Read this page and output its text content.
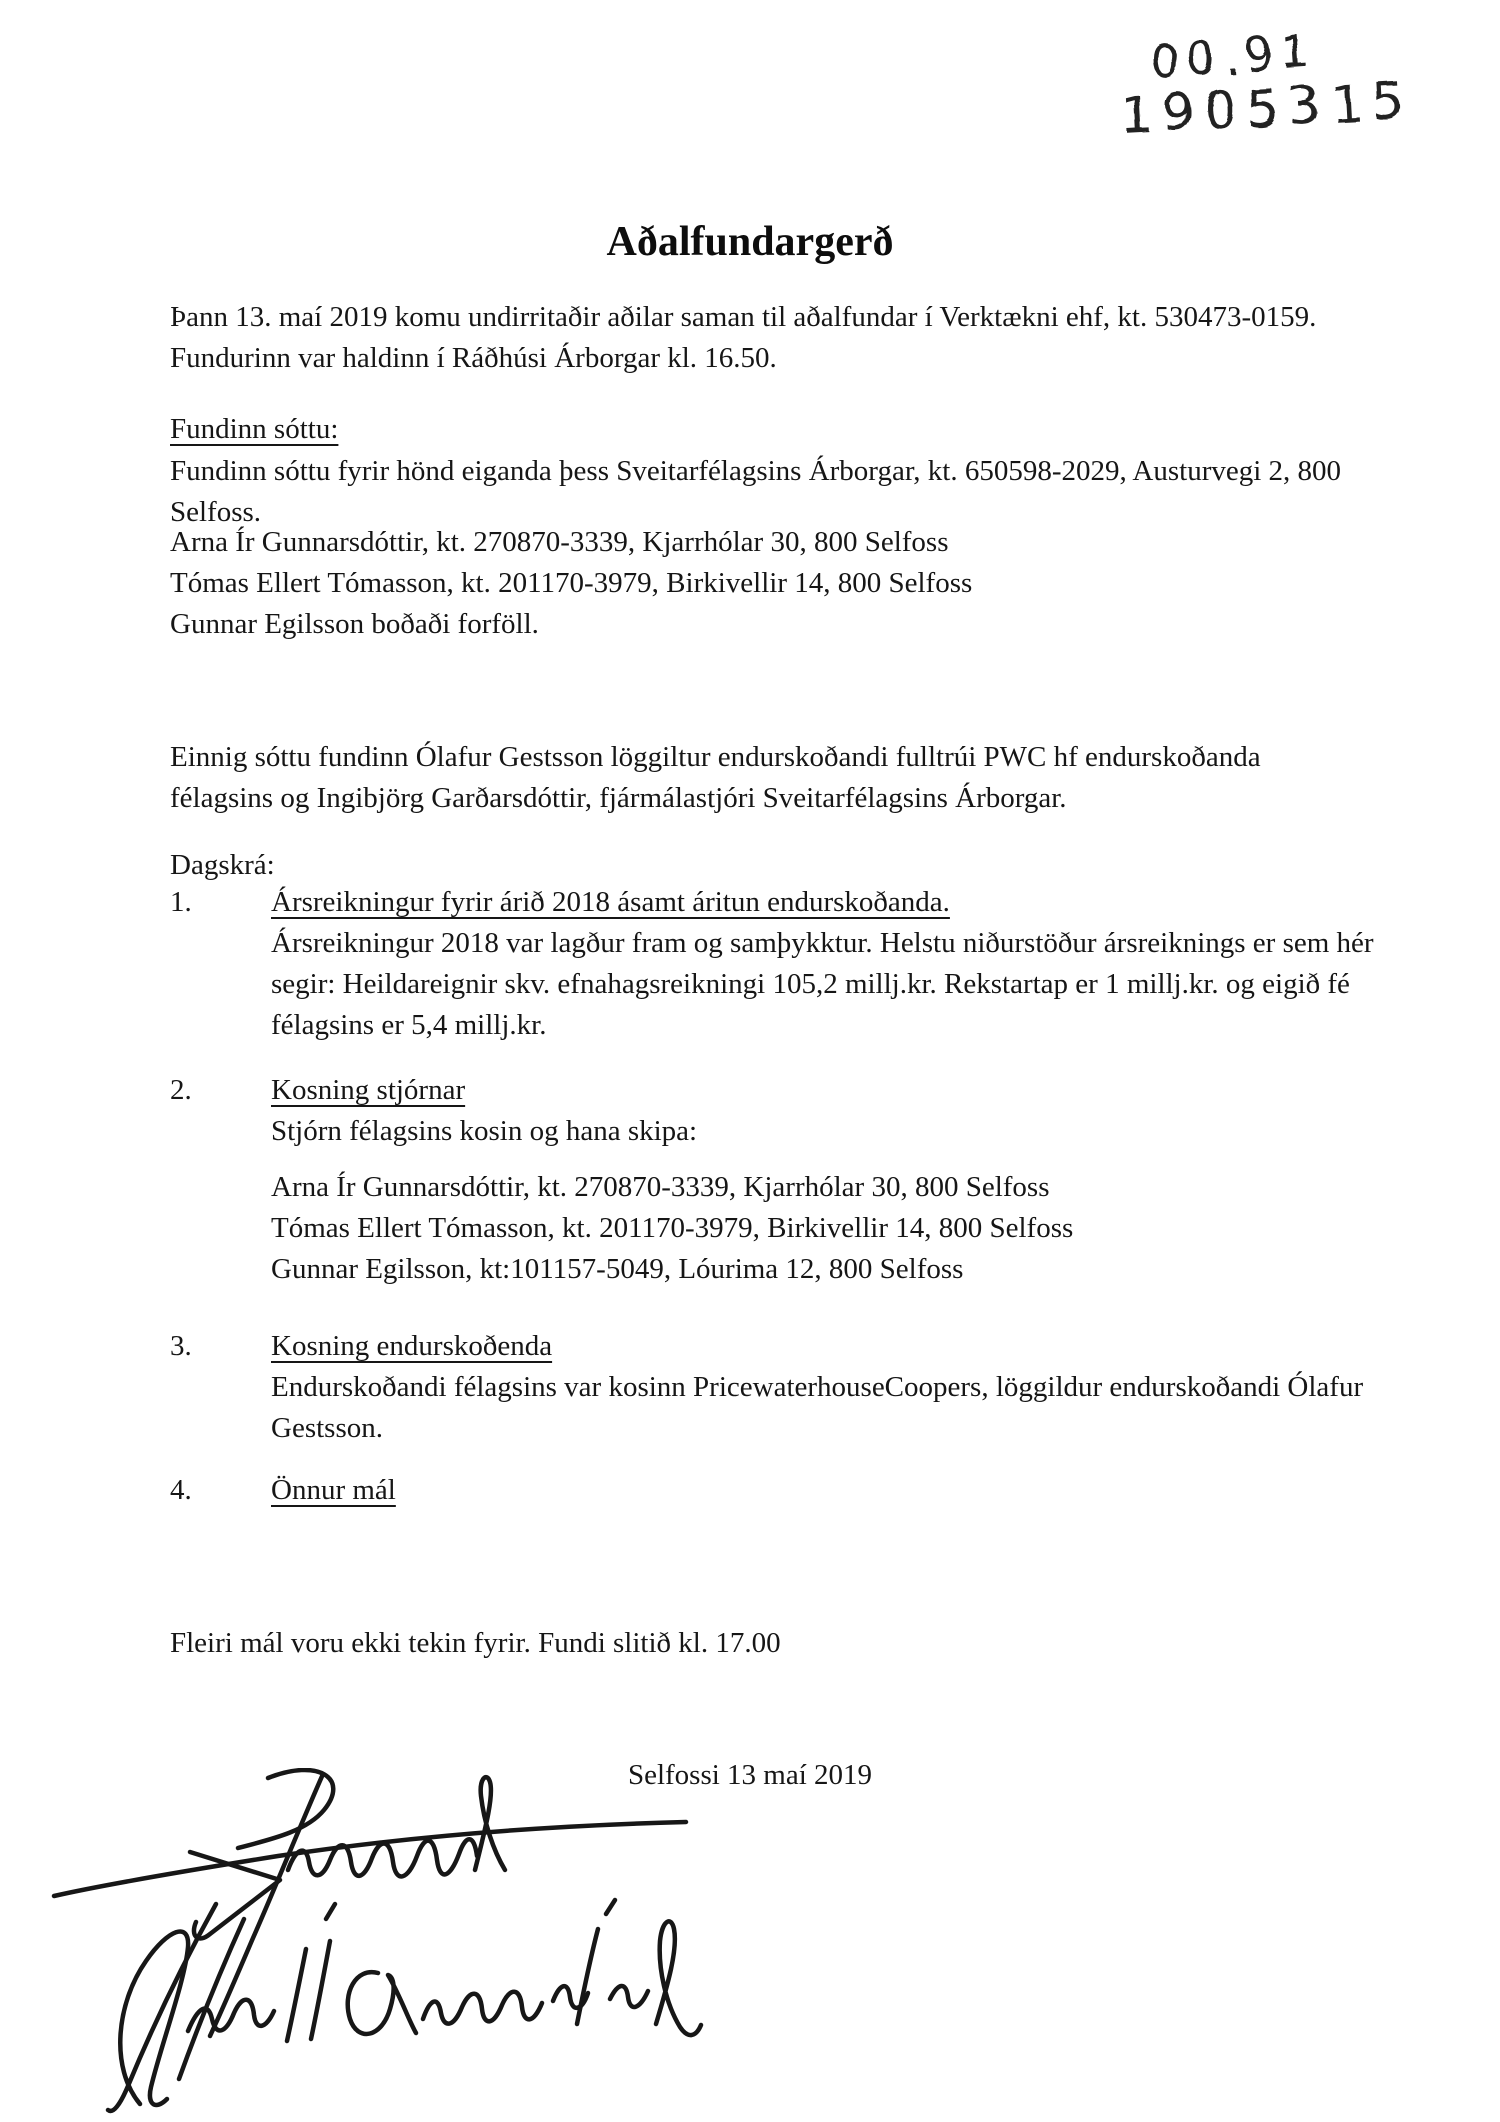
00.91
1905315
Aðalfundargerð

Þann 13. maí 2019 komu undirritaðir aðilar saman til aðalfundar í Verktækni ehf, kt. 530473-0159. Fundurinn var haldinn í Ráðhúsi Árborgar kl. 16.50.

Fundinn sóttu:

Fundinn sóttu fyrir hönd eiganda þess Sveitarfélagsins Árborgar, kt. 650598-2029, Austurvegi 2, 800 Selfoss.

Arna Ír Gunnarsdóttir, kt. 270870-3339, Kjarrhólar 30, 800 Selfoss
Tómas Ellert Tómasson, kt. 201170-3979, Birkivellir 14, 800 Selfoss
Gunnar Egilsson boðaði forföll.

Einnig sóttu fundinn Ólafur Gestsson löggiltur endurskoðandi fulltrúi PWC hf endurskoðanda félagsins og Ingibjörg Garðarsdóttir, fjármálastjóri Sveitarfélagsins Árborgar.

Dagskrá:

1.	Ársreikningur fyrir árið 2018 ásamt áritun endurskoðanda.
Ársreikningur 2018 var lagður fram og samþykktur. Helstu niðurstöður ársreiknings er sem hér segir: Heildareignir skv. efnahagsreikningi 105,2 millj.kr. Rekstartap er 1 millj.kr. og eigið fé félagsins er 5,4 millj.kr.
2.	Kosning stjórnar
Stjórn félagsins kosin og hana skipa:
Arna Ír Gunnarsdóttir, kt. 270870-3339, Kjarrhólar 30, 800 Selfoss
Tómas Ellert Tómasson, kt. 201170-3979, Birkivellir 14, 800 Selfoss
Gunnar Egilsson, kt:101157-5049, Lóurima 12, 800 Selfoss
3.	Kosning endurskoðenda
Endurskoðandi félagsins var kosinn PricewaterhouseCoopers, löggildur endurskoðandi Ólafur Gestsson.
4.	Önnur mál

Fleiri mál voru ekki tekin fyrir. Fundi slitið kl. 17.00

Selfossi 13 maí 2019
